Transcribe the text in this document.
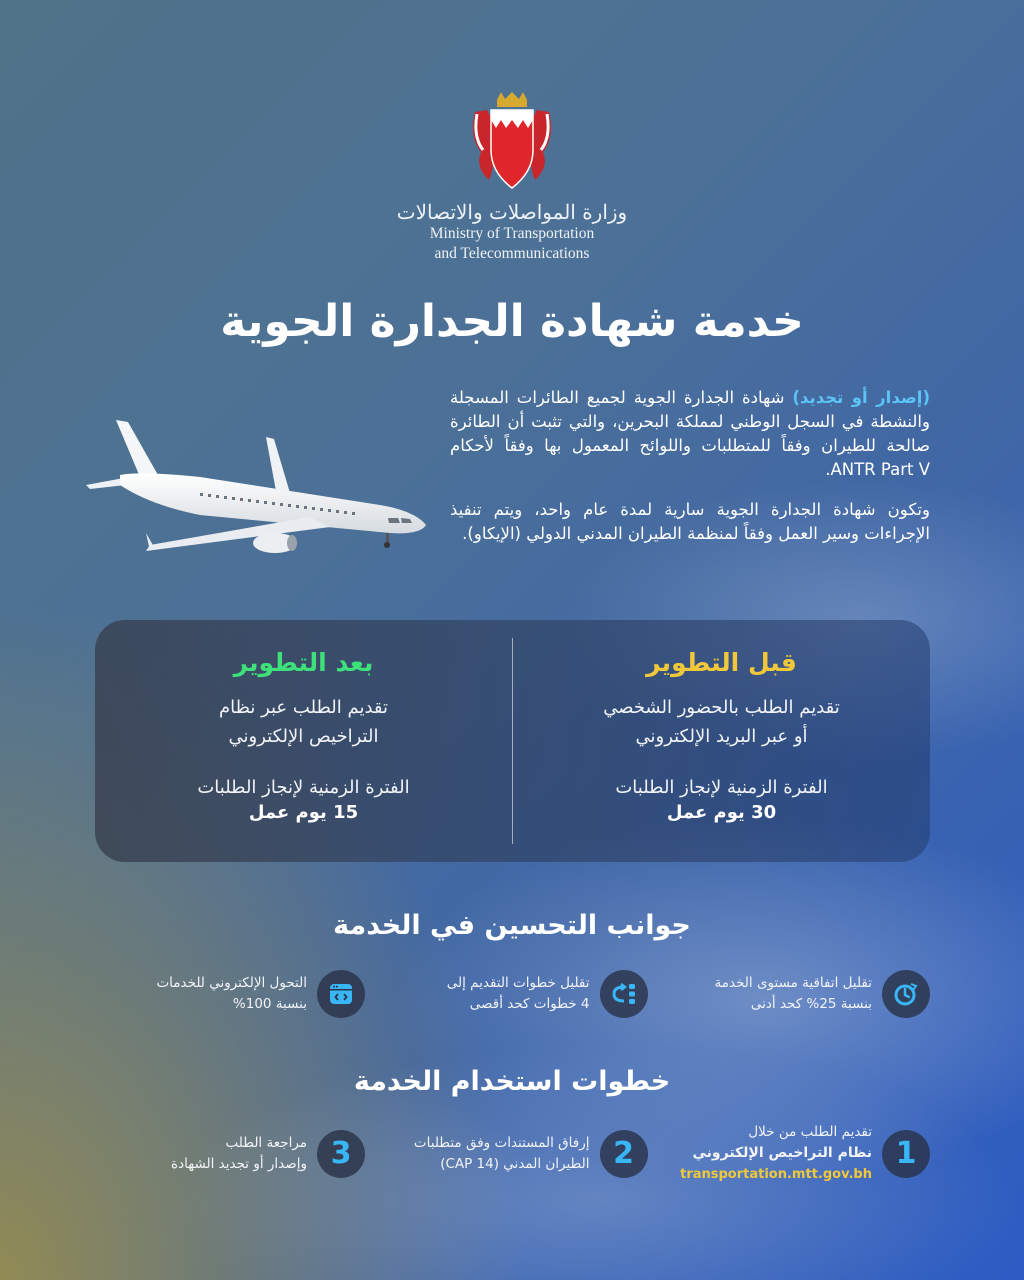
وزارة المواصلات والاتصالات
Ministry of Transportation
and Telecommunications
خدمة شهادة الجدارة الجوية

(إصدار أو تجديد) شهادة الجدارة الجوية لجميع الطائرات المسجلة والنشطة في السجل الوطني لمملكة البحرين، والتي تثبت أن الطائرة صالحة للطيران وفقاً للمتطلبات واللوائح المعمول بها وفقاً لأحكام ANTR Part V.

وتكون شهادة الجدارة الجوية سارية لمدة عام واحد، ويتم تنفيذ الإجراءات وسير العمل وفقاً لمنظمة الطيران المدني الدولي (الإيكاو).

قبل التطوير
تقديم الطلب بالحضور الشخصي
أو عبر البريد الإلكتروني
الفترة الزمنية لإنجاز الطلبات
30 يوم عمل
بعد التطوير
تقديم الطلب عبر نظام
التراخيص الإلكتروني
الفترة الزمنية لإنجاز الطلبات
15 يوم عمل
جوانب التحسين في الخدمة
تقليل اتفاقية مستوى الخدمة
بنسبة 25% كحد أدنى
تقليل خطوات التقديم إلى
4 خطوات كحد أقصى
التحول الإلكتروني للخدمات
بنسبة 100%
خطوات استخدام الخدمة
1
تقديم الطلب من خلال
نظام التراخيص الإلكتروني
transportation.mtt.gov.bh
2
إرفاق المستندات وفق متطلبات
الطيران المدني (CAP 14)
3
مراجعة الطلب
وإصدار أو تجديد الشهادة
